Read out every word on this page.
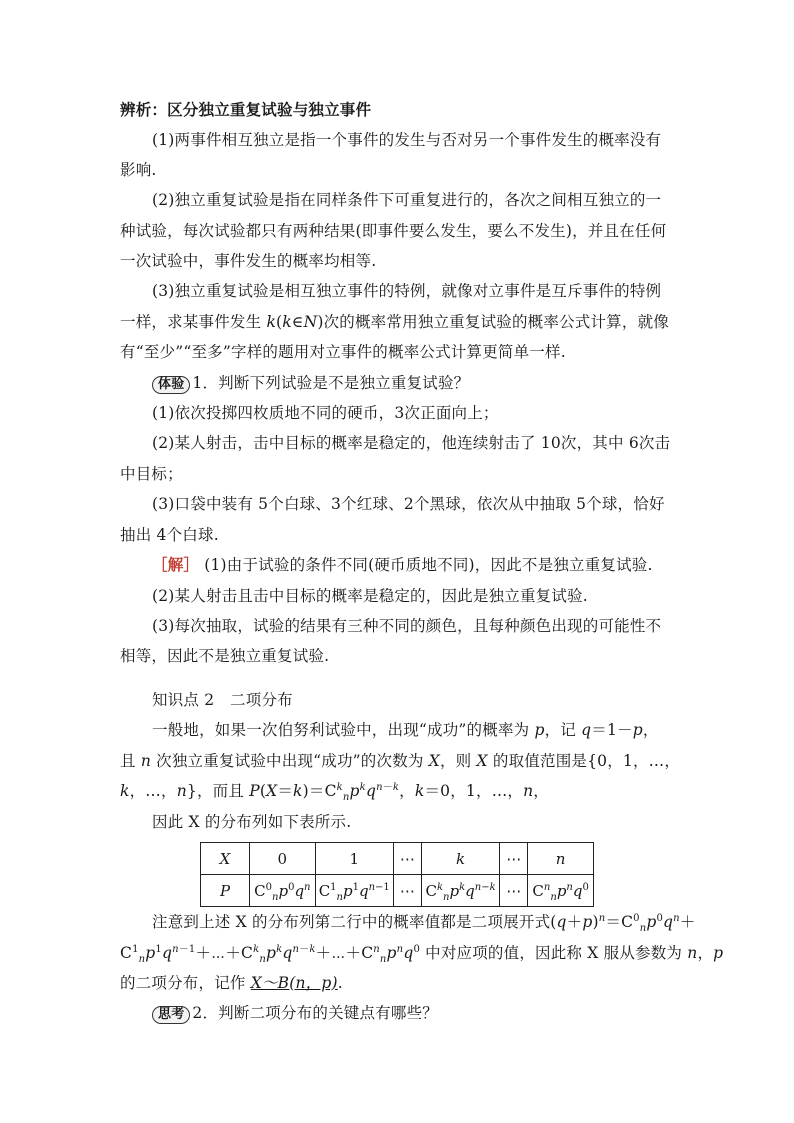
辨析：区分独立重复试验与独立事件
(1)两事件相互独立是指一个事件的发生与否对另一个事件发生的概率没有
影响.
(2)独立重复试验是指在同样条件下可重复进行的，各次之间相互独立的一
种试验，每次试验都只有两种结果(即事件要么发生，要么不发生)，并且在任何
一次试验中，事件发生的概率均相等.
(3)独立重复试验是相互独立事件的特例，就像对立事件是互斥事件的特例
一样，求某事件发生 k(k∈N)次的概率常用独立重复试验的概率公式计算，就像
有“至少”“至多”字样的题用对立事件的概率公式计算更简单一样.
体验 1．判断下列试验是不是独立重复试验？
(1)依次投掷四枚质地不同的硬币，3次正面向上；
(2)某人射击，击中目标的概率是稳定的，他连续射击了 10次，其中 6次击
中目标；
(3)口袋中装有 5个白球、3个红球、2个黑球，依次从中抽取 5个球，恰好
抽出 4个白球.
［解］ (1)由于试验的条件不同(硬币质地不同)，因此不是独立重复试验.
(2)某人射击且击中目标的概率是稳定的，因此是独立重复试验.
(3)每次抽取，试验的结果有三种不同的颜色，且每种颜色出现的可能性不
相等，因此不是独立重复试验.
知识点 2　二项分布
一般地，如果一次伯努利试验中，出现“成功”的概率为 p，记 q＝1－p，
且 n 次独立重复试验中出现“成功”的次数为 X，则 X 的取值范围是{0，1，…，
k，…，n}，而且 $P(X=k)=C^k_np^kq^{n-k}$，k＝0，1，…，n，
因此 X 的分布列如下表所示.
X	0	1	⋯	k	⋯	n
P	$C^0_np^0q^n$	$C^1_np^1q^{n-1}$	⋯	$C^k_np^kq^{n-k}$	⋯	$C^n_np^nq^0$
注意到上述 X 的分布列第二行中的概率值都是二项展开式$(q+p)^n=C^0_np^0q^n+$
$C^1_np^1q^{n-1}+\cdots+C^k_np^kq^{n-k}+\cdots+C^n_np^nq^0$ 中对应项的值，因此称 X 服从参数为 n，p
的二项分布，记作 X～B(n，p).
思考 2．判断二项分布的关键点有哪些？
